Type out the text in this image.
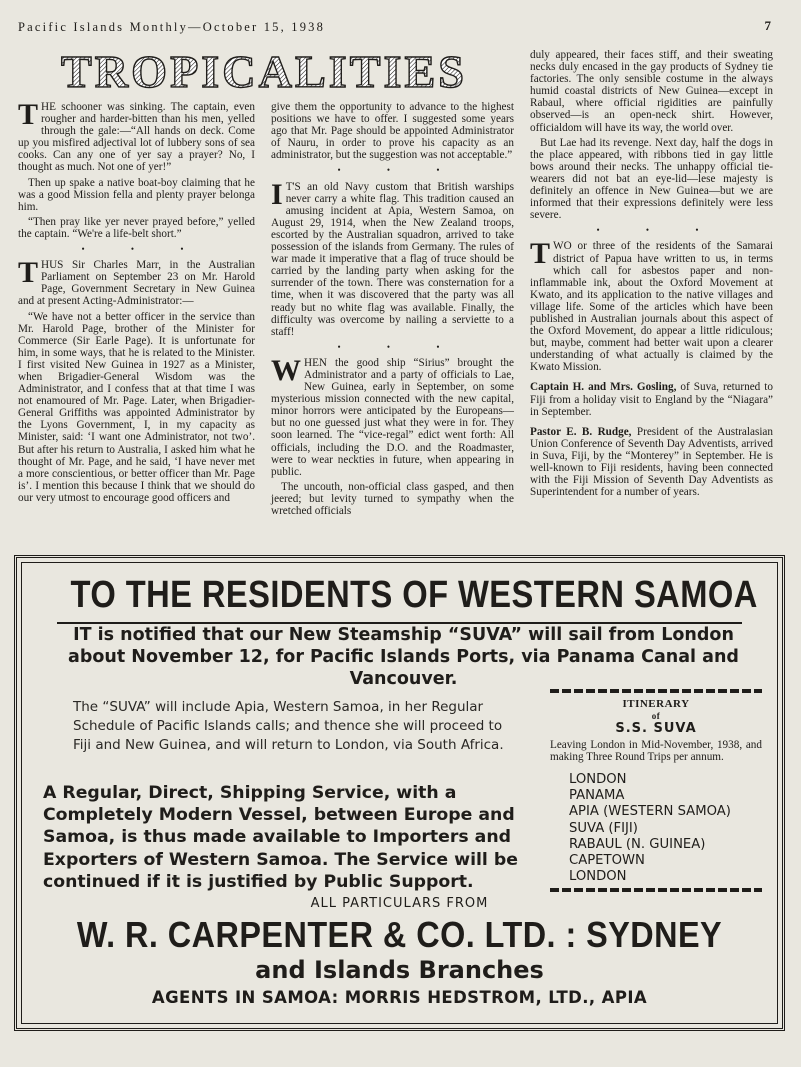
Pacific Islands Monthly—October 15, 1938	7
TROPICALITIES

THE schooner was sinking. The captain, even rougher and harder-bitten than his men, yelled through the gale:—“All hands on deck. Come up you misfired adjectival lot of lubbery sons of sea cooks. Can any one of yer say a prayer? No, I thought as much. Not one of yer!”

Then up spake a native boat-boy claiming that he was a good Mission fella and plenty prayer belonga him.

“Then pray like yer never prayed before,” yelled the captain. “We're a life-belt short.”

• • •

THUS Sir Charles Marr, in the Australian Parliament on September 23 on Mr. Harold Page, Government Secretary in New Guinea and at present Acting-Administrator:—

“We have not a better officer in the service than Mr. Harold Page, brother of the Minister for Commerce (Sir Earle Page). It is unfortunate for him, in some ways, that he is related to the Minister. I first visited New Guinea in 1927 as a Minister, when Brigadier-General Wisdom was the Administrator, and I confess that at that time I was not enamoured of Mr. Page. Later, when Brigadier-General Griffiths was appointed Administrator by the Lyons Government, I, in my capacity as Minister, said: ‘I want one Administrator, not two’. But after his return to Australia, I asked him what he thought of Mr. Page, and he said, ‘I have never met a more conscientious, or better officer than Mr. Page is’. I mention this because I think that we should do our very utmost to encourage good officers and

give them the opportunity to advance to the highest positions we have to offer. I suggested some years ago that Mr. Page should be appointed Administrator of Nauru, in order to prove his capacity as an administrator, but the suggestion was not acceptable.”

• • •

I T'S an old Navy custom that British warships never carry a white flag. This tradition caused an amusing incident at Apia, Western Samoa, on August 29, 1914, when the New Zealand troops, escorted by the Australian squadron, arrived to take possession of the islands from Germany. The rules of war made it imperative that a flag of truce should be carried by the landing party when asking for the surrender of the town. There was consternation for a time, when it was discovered that the party was all ready but no white flag was available. Finally, the difficulty was overcome by nailing a serviette to a staff!

• • •

WHEN the good ship “Sirius” brought the Administrator and a party of officials to Lae, New Guinea, early in September, on some mysterious mission connected with the new capital, minor horrors were anticipated by the Europeans—but no one guessed just what they were in for. They soon learned. The “vice-regal” edict went forth: All officials, including the D.O. and the Roadmaster, were to wear neckties in future, when appearing in public.

The uncouth, non-official class gasped, and then jeered; but levity turned to sympathy when the wretched officials

duly appeared, their faces stiff, and their sweating necks duly encased in the gay products of Sydney tie factories. The only sensible costume in the always humid coastal districts of New Guinea—except in Rabaul, where official rigidities are painfully observed—is an open-neck shirt. However, officialdom will have its way, the world over.

But Lae had its revenge. Next day, half the dogs in the place appeared, with ribbons tied in gay little bows around their necks. The unhappy official tie-wearers did not bat an eye-lid—lese majesty is definitely an offence in New Guinea—but we are informed that their expressions definitely were less severe.

• • •

TWO or three of the residents of the Samarai district of Papua have written to us, in terms which call for asbestos paper and non-inflammable ink, about the Oxford Movement at Kwato, and its application to the native villages and village life. Some of the articles which have been published in Australian journals about this aspect of the Oxford Movement, do appear a little ridiculous; but, maybe, comment had better wait upon a clearer understanding of what actually is claimed by the Kwato Mission.

Captain H. and Mrs. Gosling, of Suva, returned to Fiji from a holiday visit to England by the “Niagara” in September.

Pastor E. B. Rudge, President of the Australasian Union Conference of Seventh Day Adventists, arrived in Suva, Fiji, by the “Monterey” in September. He is well-known to Fiji residents, having been connected with the Fiji Mission of Seventh Day Adventists as Superintendent for a number of years.

TO THE RESIDENTS OF WESTERN SAMOA
IT is notified that our New Steamship “SUVA” will sail from London about November 12, for Pacific Islands Ports, via Panama Canal and Vancouver.
The “SUVA” will include Apia, Western Samoa, in her Regular Schedule of Pacific Islands calls; and thence she will proceed to Fiji and New Guinea, and will return to London, via South Africa.
ITINERARY
of
S.S. SUVA
Leaving London in Mid-November, 1938, and making Three Round Trips per annum.
LONDON
PANAMA
APIA (WESTERN SAMOA)
SUVA (FIJI)
RABAUL (N. GUINEA)
CAPETOWN
LONDON
A Regular, Direct, Shipping Service, with a Completely Modern Vessel, between Europe and Samoa, is thus made available to Importers and Exporters of Western Samoa. The Service will be continued if it is justified by Public Support.
ALL PARTICULARS FROM
W. R. CARPENTER & CO. LTD. : SYDNEY
and Islands Branches
AGENTS IN SAMOA: MORRIS HEDSTROM, LTD., APIA
